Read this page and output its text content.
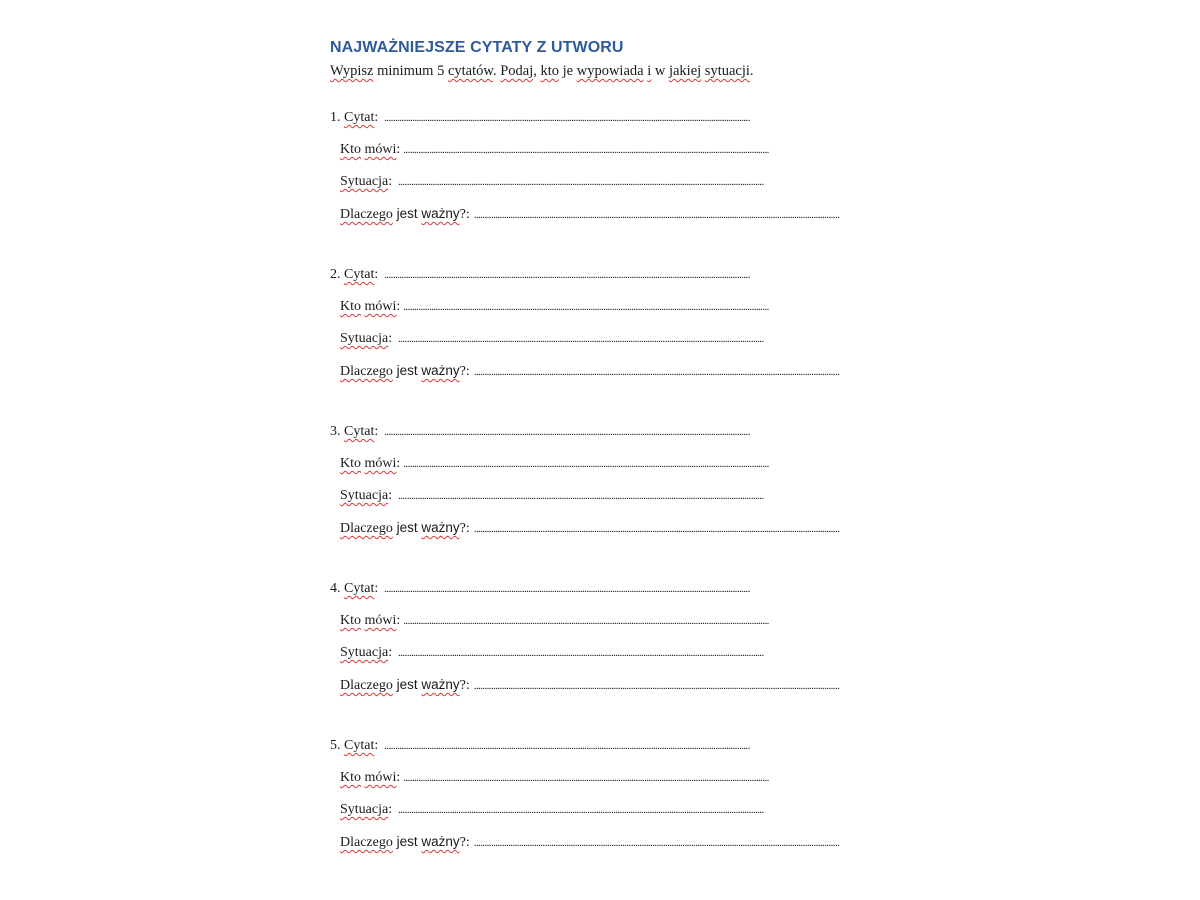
NAJWAŻNIEJSZE CYTATY Z UTWORU

Wypisz minimum 5 cytatów. Podaj, kto je wypowiada i w jakiej sytuacji.

1. Cytat: ..........................................................................................................................................................................
Kto mówi: ..........................................................................................................................................................................
Sytuacja: ..........................................................................................................................................................................
Dlaczego jest ważny?: ..........................................................................................................................................................................
2. Cytat: ..........................................................................................................................................................................
Kto mówi: ..........................................................................................................................................................................
Sytuacja: ..........................................................................................................................................................................
Dlaczego jest ważny?: ..........................................................................................................................................................................
3. Cytat: ..........................................................................................................................................................................
Kto mówi: ..........................................................................................................................................................................
Sytuacja: ..........................................................................................................................................................................
Dlaczego jest ważny?: ..........................................................................................................................................................................
4. Cytat: ..........................................................................................................................................................................
Kto mówi: ..........................................................................................................................................................................
Sytuacja: ..........................................................................................................................................................................
Dlaczego jest ważny?: ..........................................................................................................................................................................
5. Cytat: ..........................................................................................................................................................................
Kto mówi: ..........................................................................................................................................................................
Sytuacja: ..........................................................................................................................................................................
Dlaczego jest ważny?: ..........................................................................................................................................................................
